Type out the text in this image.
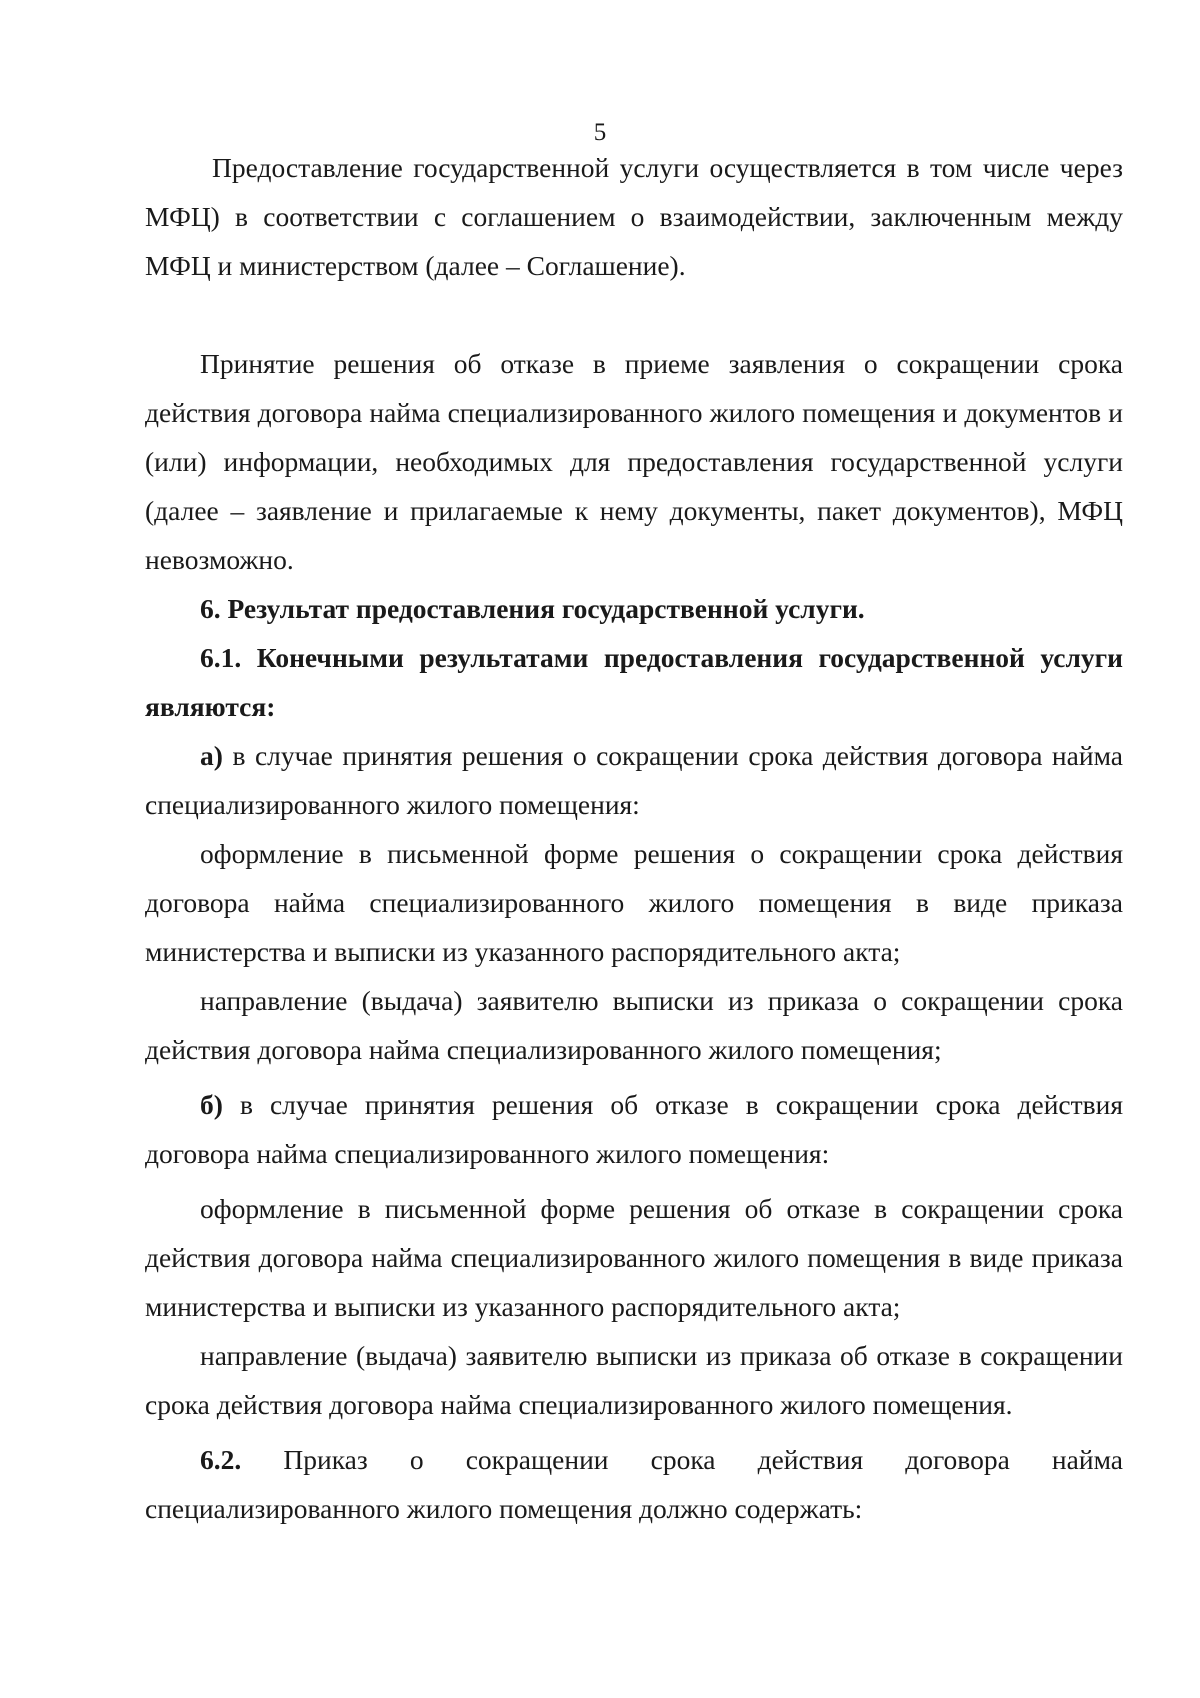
5

Предоставление государственной услуги осуществляется в том числе через МФЦ) в соответствии с соглашением о взаимодействии, заключенным между МФЦ и министерством (далее – Соглашение).

Принятие решения об отказе в приеме заявления о сокращении срока действия договора найма специализированного жилого помещения и документов и (или) информации, необходимых для предоставления государственной услуги (далее – заявление и прилагаемые к нему документы, пакет документов), МФЦ невозможно.

6. Результат предоставления государственной услуги.

6.1. Конечными результатами предоставления государственной услуги являются:

а) в случае принятия решения о сокращении срока действия договора найма специализированного жилого помещения:

оформление в письменной форме решения о сокращении срока действия договора найма специализированного жилого помещения в виде приказа министерства и выписки из указанного распорядительного акта;

направление (выдача) заявителю выписки из приказа о сокращении срока действия договора найма специализированного жилого помещения;

б) в случае принятия решения об отказе в сокращении срока действия договора найма специализированного жилого помещения:

оформление в письменной форме решения об отказе в сокращении срока действия договора найма специализированного жилого помещения в виде приказа министерства и выписки из указанного распорядительного акта;

направление (выдача) заявителю выписки из приказа об отказе в сокращении срока действия договора найма специализированного жилого помещения.

6.2. Приказ о сокращении срока действия договора найма специализированного жилого помещения должно содержать:
